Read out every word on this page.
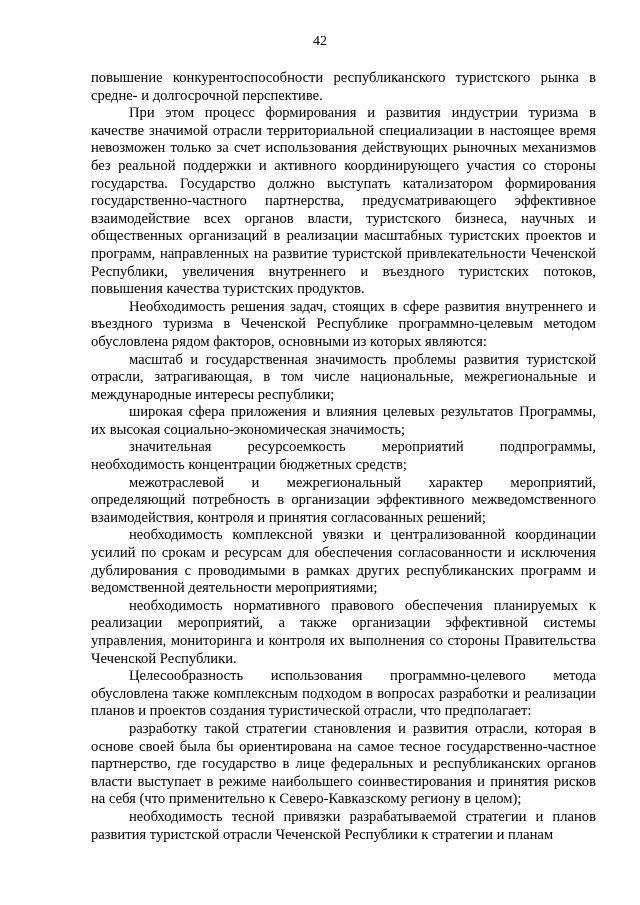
42

повышение конкурентоспособности республиканского туристского рынка в средне- и долгосрочной перспективе.

При этом процесс формирования и развития индустрии туризма в качестве значимой отрасли территориальной специализации в настоящее время невозможен только за счет использования действующих рыночных механизмов без реальной поддержки и активного координирующего участия со стороны государства. Государство должно выступать катализатором формирования государственно-частного партнерства, предусматривающего эффективное взаимодействие всех органов власти, туристского бизнеса, научных и общественных организаций в реализации масштабных туристских проектов и программ, направленных на развитие туристской привлекательности Чеченской Республики, увеличения внутреннего и въездного туристских потоков, повышения качества туристских продуктов.

Необходимость решения задач, стоящих в сфере развития внутреннего и въездного туризма в Чеченской Республике программно-целевым методом обусловлена рядом факторов, основными из которых являются:

масштаб и государственная значимость проблемы развития туристской отрасли, затрагивающая, в том числе национальные, межрегиональные и международные интересы республики;

широкая сфера приложения и влияния целевых результатов Программы, их высокая социально-экономическая значимость;

значительная ресурсоемкость мероприятий подпрограммы, необходимость концентрации бюджетных средств;

межотраслевой и межрегиональный характер мероприятий, определяющий потребность в организации эффективного межведомственного взаимодействия, контроля и принятия согласованных решений;

необходимость комплексной увязки и централизованной координации усилий по срокам и ресурсам для обеспечения согласованности и исключения дублирования с проводимыми в рамках других республиканских программ и ведомственной деятельности мероприятиями;

необходимость нормативного правового обеспечения планируемых к реализации мероприятий, а также организации эффективной системы управления, мониторинга и контроля их выполнения со стороны Правительства Чеченской Республики.

Целесообразность использования программно-целевого метода обусловлена также комплексным подходом в вопросах разработки и реализации планов и проектов создания туристической отрасли, что предполагает:

разработку такой стратегии становления и развития отрасли, которая в основе своей была бы ориентирована на самое тесное государственно-частное партнерство, где государство в лице федеральных и республиканских органов власти выступает в режиме наибольшего соинвестирования и принятия рисков на себя (что применительно к Северо-Кавказскому региону в целом);

необходимость тесной привязки разрабатываемой стратегии и планов развития туристской отрасли Чеченской Республики к стратегии и планам
